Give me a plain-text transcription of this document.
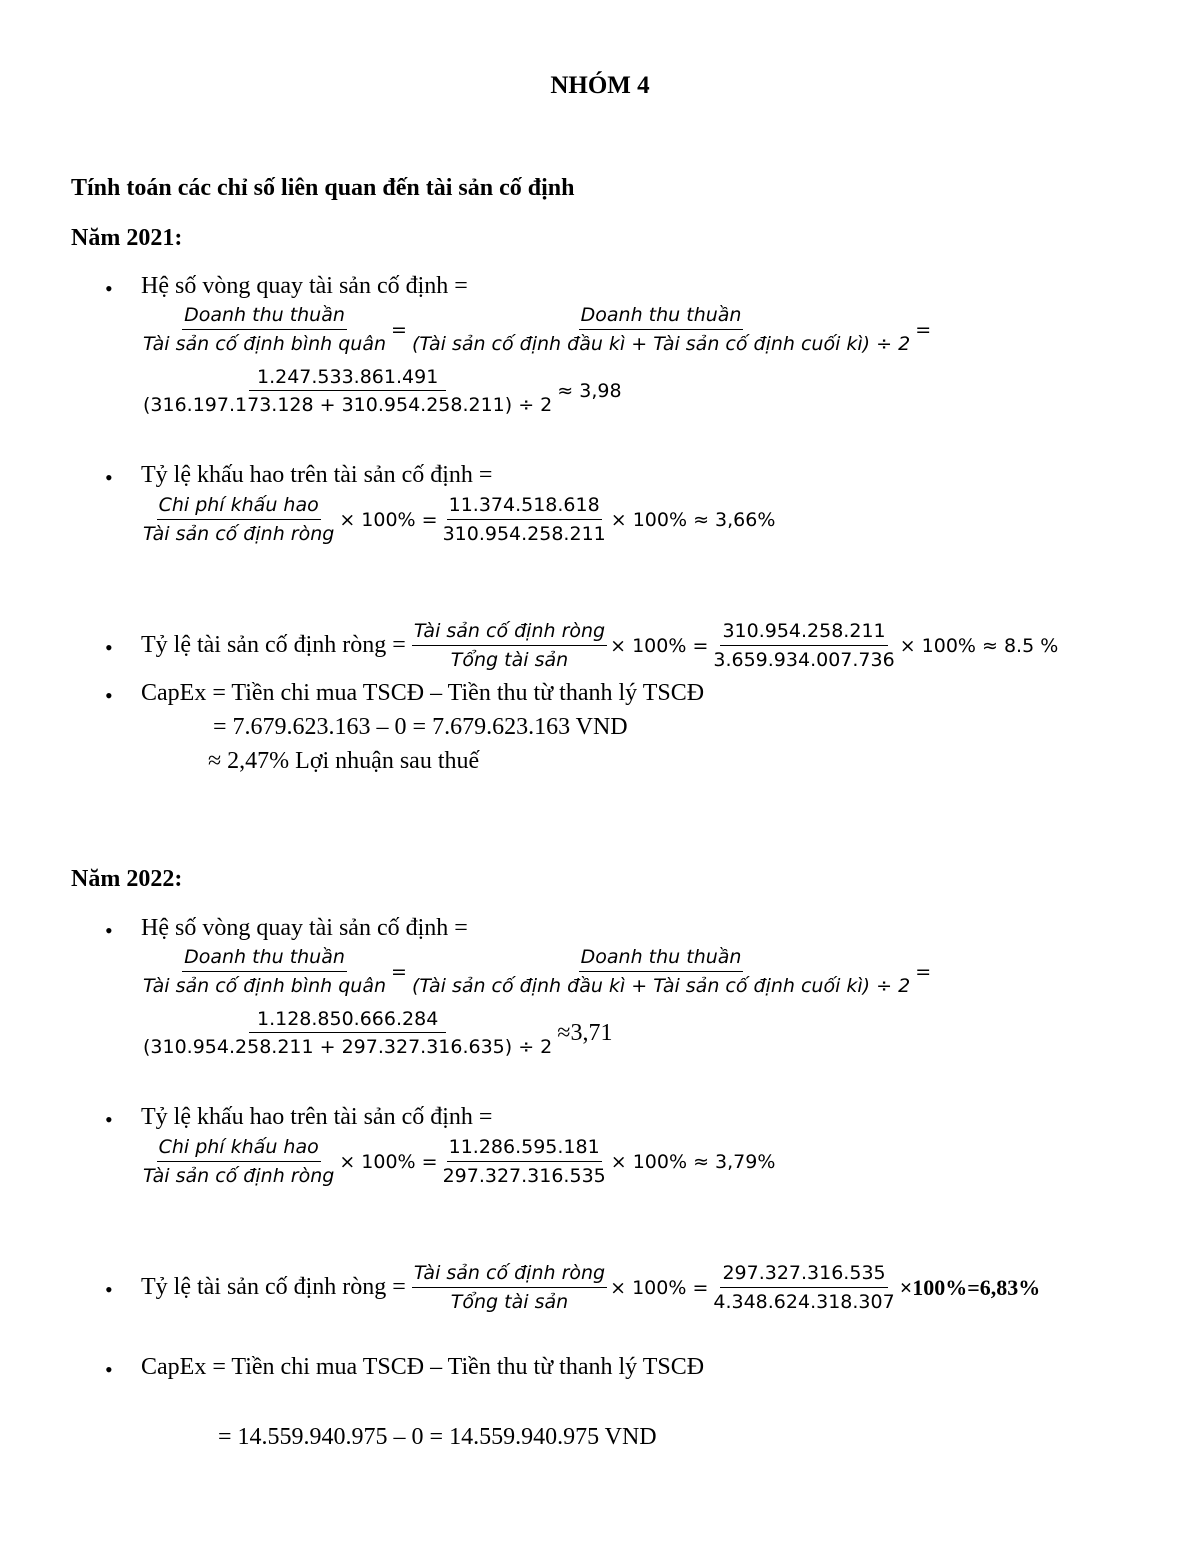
NHÓM 4
Tính toán các chỉ số liên quan đến tài sản cố định
Năm 2021:
• Hệ số vòng quay tài sản cố định =
$\frac{\text{Doanh thu thuần}}{\text{Tài sản cố định bình quân}} = \frac{\text{Doanh thu thuần}}{\text{(Tài sản cố định đầu kì + Tài sản cố định cuối kì) ÷ 2}}$ =
$\frac{1.247.533.861.491}{(316.197.173.128 + 310.954.258.211) \div 2} \approx 3,98$
• Tỷ lệ khấu hao trên tài sản cố định =
$\frac{\text{Chi phí khấu hao}}{\text{Tài sản cố định ròng}} \times 100\% = \frac{11.374.518.618}{310.954.258.211} \times 100\% \approx 3,66\%$
• Tỷ lệ tài sản cố định ròng = $\frac{\text{Tài sản cố định ròng}}{\text{Tổng tài sản}} \times 100\% = \frac{310.954.258.211}{3.659.934.007.736} \times 100\% \approx 8.5$ %
• CapEx = Tiền chi mua TSCĐ – Tiền thu từ thanh lý TSCĐ
= 7.679.623.163 – 0 = 7.679.623.163 VND
≈ 2,47% Lợi nhuận sau thuế
Năm 2022:
• Hệ số vòng quay tài sản cố định =
$\frac{\text{Doanh thu thuần}}{\text{Tài sản cố định bình quân}} = \frac{\text{Doanh thu thuần}}{\text{(Tài sản cố định đầu kì + Tài sản cố định cuối kì) ÷ 2}}$ =
$\frac{1.128.850.666.284}{(310.954.258.211 + 297.327.316.635) \div 2} \approx 3,71$
• Tỷ lệ khấu hao trên tài sản cố định =
$\frac{\text{Chi phí khấu hao}}{\text{Tài sản cố định ròng}} \times 100\% = \frac{11.286.595.181}{297.327.316.535} \times 100\% \approx 3,79\%$
• Tỷ lệ tài sản cố định ròng = $\frac{\text{Tài sản cố định ròng}}{\text{Tổng tài sản}} \times 100\% = \frac{297.327.316.535}{4.348.624.318.307} \times 100\%=6,83\%$
• CapEx = Tiền chi mua TSCĐ – Tiền thu từ thanh lý TSCĐ
= 14.559.940.975 – 0 = 14.559.940.975 VND
